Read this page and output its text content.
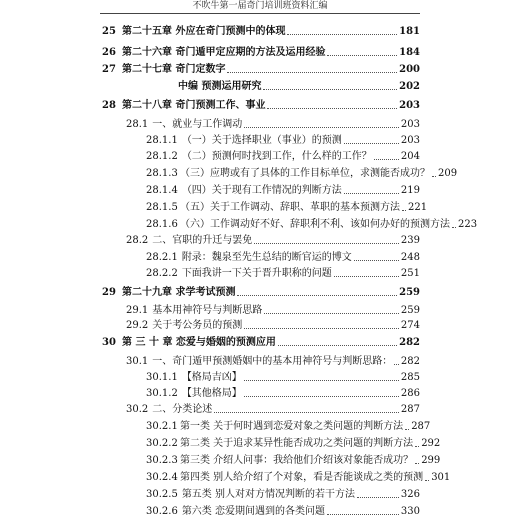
不吹牛第一届奇门培训班资料汇编
25 第二十五章 外应在奇门预测中的体现	181
26 第二十六章 奇门遁甲定应期的方法及运用经验	184
27 第二十七章 奇门定数字	200
中编 预测运用研究	202
28 第二十八章 奇门预测工作、事业	203
28.1 一、就业与工作调动	203
28.1.1 （一）关于选择职业（事业）的预测	203
28.1.2 （二）预测何时找到工作，什么样的工作？	204
28.1.3 （三）应聘或有了具体的工作目标单位，求测能否成功？ 209
28.1.4 （四）关于现有工作情况的判断方法	219
28.1.5 （五）关于工作调动、辞职、革职的基本预测方法 221
28.1.6 （六）工作调动好不好、辞职利不利、该如何办好的预测方法 223
28.2 二、官职的升迁与罢免	239
28.2.1 附录：魏泉至先生总结的断官运的博文	248
28.2.2 下面我讲一下关于晋升职称的问题	251
29 第二十九章 求学考试预测	259
29.1 基本用神符号与判断思路	259
29.2 关于考公务员的预测	274
30 第 三 十 章 恋爱与婚姻的预测应用	282
30.1 一、奇门遁甲预测婚姻中的基本用神符号与判断思路： 282
30.1.1 【格局吉凶】	285
30.1.2 【其他格局】	286
30.2 二、分类论述	287
30.2.1 第一类 关于何时遇到恋爱对象之类问题的判断方法 287
30.2.2 第二类 关于追求某异性能否成功之类问题的判断方法 292
30.2.3 第三类 介绍人问事：我给他们介绍该对象能否成功？ 299
30.2.4 第四类 别人给介绍了个对象，看是否能谈成之类的预测 301
30.2.5 第五类 别人对对方情况判断的若干方法	326
30.2.6 第六类 恋爱期间遇到的各类问题	330
